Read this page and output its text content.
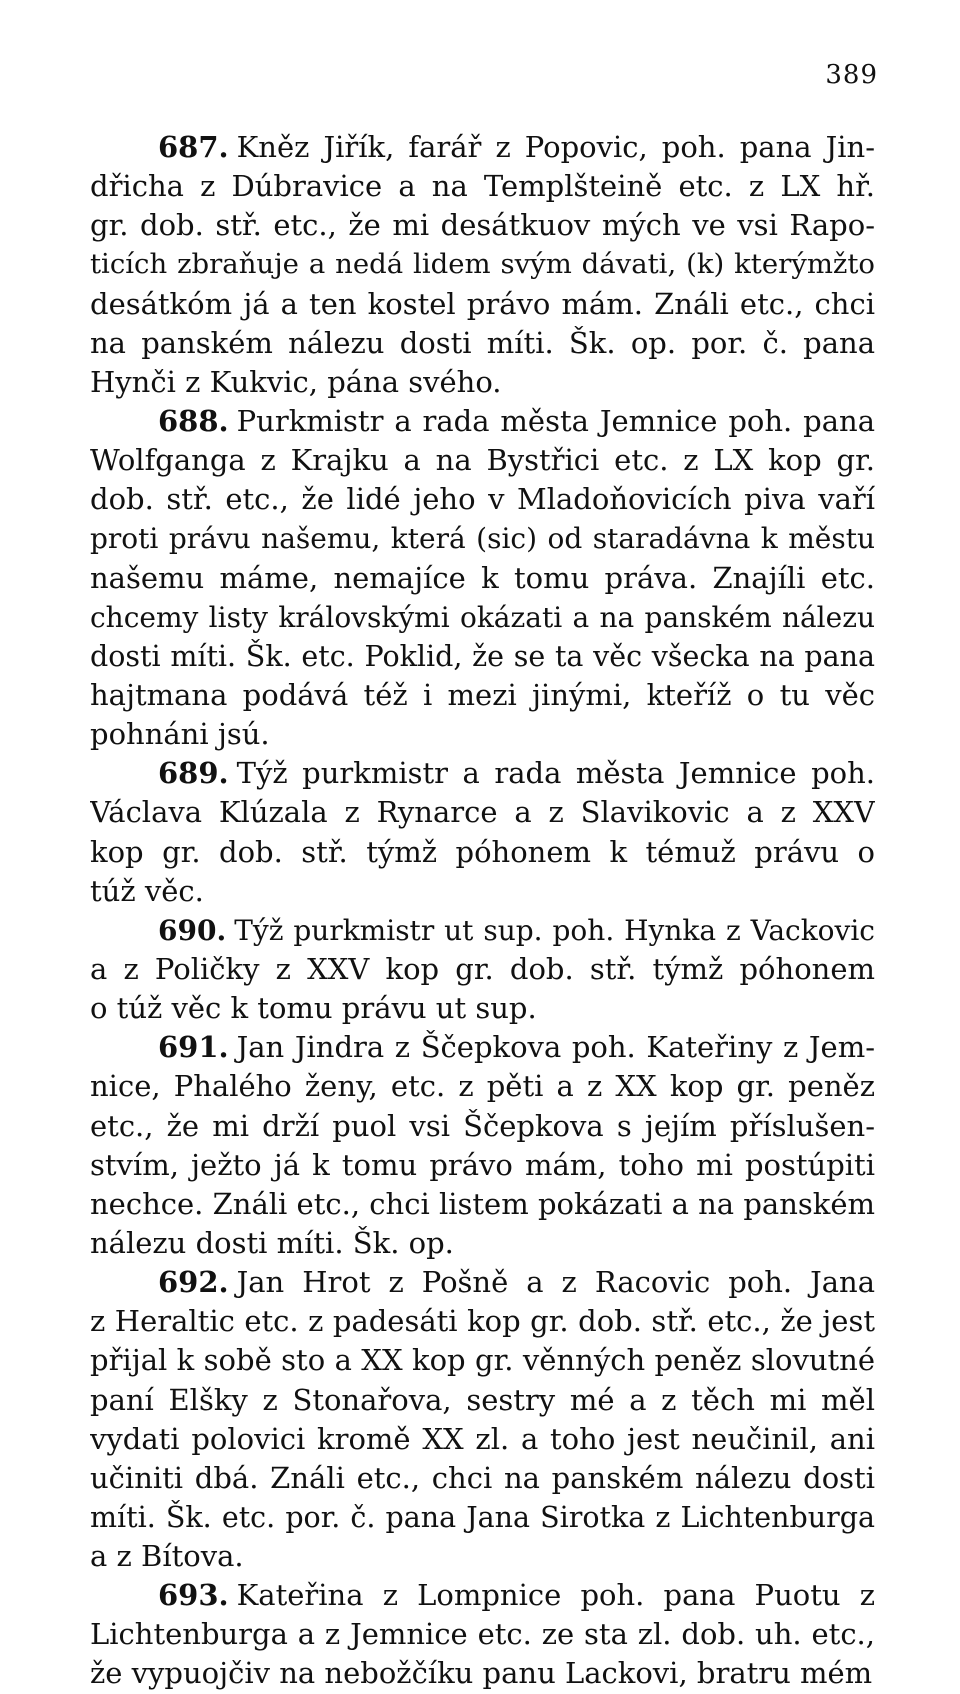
389
687. Kněz Jiřík, farář z Popovic, poh. pana Jin-
dřicha z Dúbravice a na Templšteině etc. z LX hř.
gr. dob. stř. etc., že mi desátkuov mých ve vsi Rapo-
ticích zbraňuje a nedá lidem svým dávati, (k) kterýmžto
desátkóm já a ten kostel právo mám. Ználi etc., chci
na panském nálezu dosti míti. Šk. op. por. č. pana
Hynči z Kukvic, pána svého.
688. Purkmistr a rada města Jemnice poh. pana
Wolfganga z Krajku a na Bystřici etc. z LX kop gr.
dob. stř. etc., že lidé jeho v Mladoňovicích piva vaří
proti právu našemu, která (sic) od staradávna k městu
našemu máme, nemajíce k tomu práva. Znajíli etc.
chcemy listy královskými okázati a na panském nálezu
dosti míti. Šk. etc. Poklid, že se ta věc všecka na pana
hajtmana podává též i mezi jinými, kteříž o tu věc
pohnáni jsú.
689. Týž purkmistr a rada města Jemnice poh.
Václava Klúzala z Rynarce a z Slavikovic a z XXV
kop gr. dob. stř. týmž póhonem k témuž právu o
túž věc.
690. Týž purkmistr ut sup. poh. Hynka z Vackovic
a z Poličky z XXV kop gr. dob. stř. týmž póhonem
o túž věc k tomu právu ut sup.
691. Jan Jindra z Ščepkova poh. Kateřiny z Jem-
nice, Phalého ženy, etc. z pěti a z XX kop gr. peněz
etc., že mi drží puol vsi Ščepkova s jejím příslušen-
stvím, ježto já k tomu právo mám, toho mi postúpiti
nechce. Ználi etc., chci listem pokázati a na panském
nálezu dosti míti. Šk. op.
692. Jan Hrot z Pošně a z Racovic poh. Jana
z Heraltic etc. z padesáti kop gr. dob. stř. etc., že jest
přijal k sobě sto a XX kop gr. věnných peněz slovutné
paní Elšky z Stonařova, sestry mé a z těch mi měl
vydati polovici kromě XX zl. a toho jest neučinil, ani
učiniti dbá. Ználi etc., chci na panském nálezu dosti
míti. Šk. etc. por. č. pana Jana Sirotka z Lichtenburga
a z Bítova.
693. Kateřina z Lompnice poh. pana Puotu z
Lichtenburga a z Jemnice etc. ze sta zl. dob. uh. etc.,
že vypuojčiv na nebožčíku panu Lackovi, bratru mém
